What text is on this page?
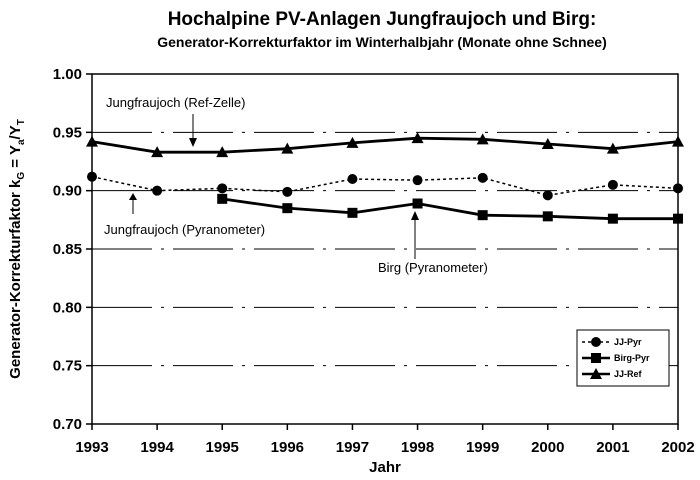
Hochalpine PV-Anlagen Jungfraujoch und Birg:
Generator-Korrekturfaktor im Winterhalbjahr (Monate ohne Schnee)
1.00
0.95
0.90
0.85
0.80
0.75
0.70
1993 1994 1995 1996 1997 1998 1999 2000 2001 2002
Jahr
Generator-Korrekturfaktor $k_G = Y_a/Y_T$
Jungfraujoch (Ref-Zelle)
Jungfraujoch (Pyranometer)
Birg (Pyranometer)
JJ-Pyr
Birg-Pyr
JJ-Ref
